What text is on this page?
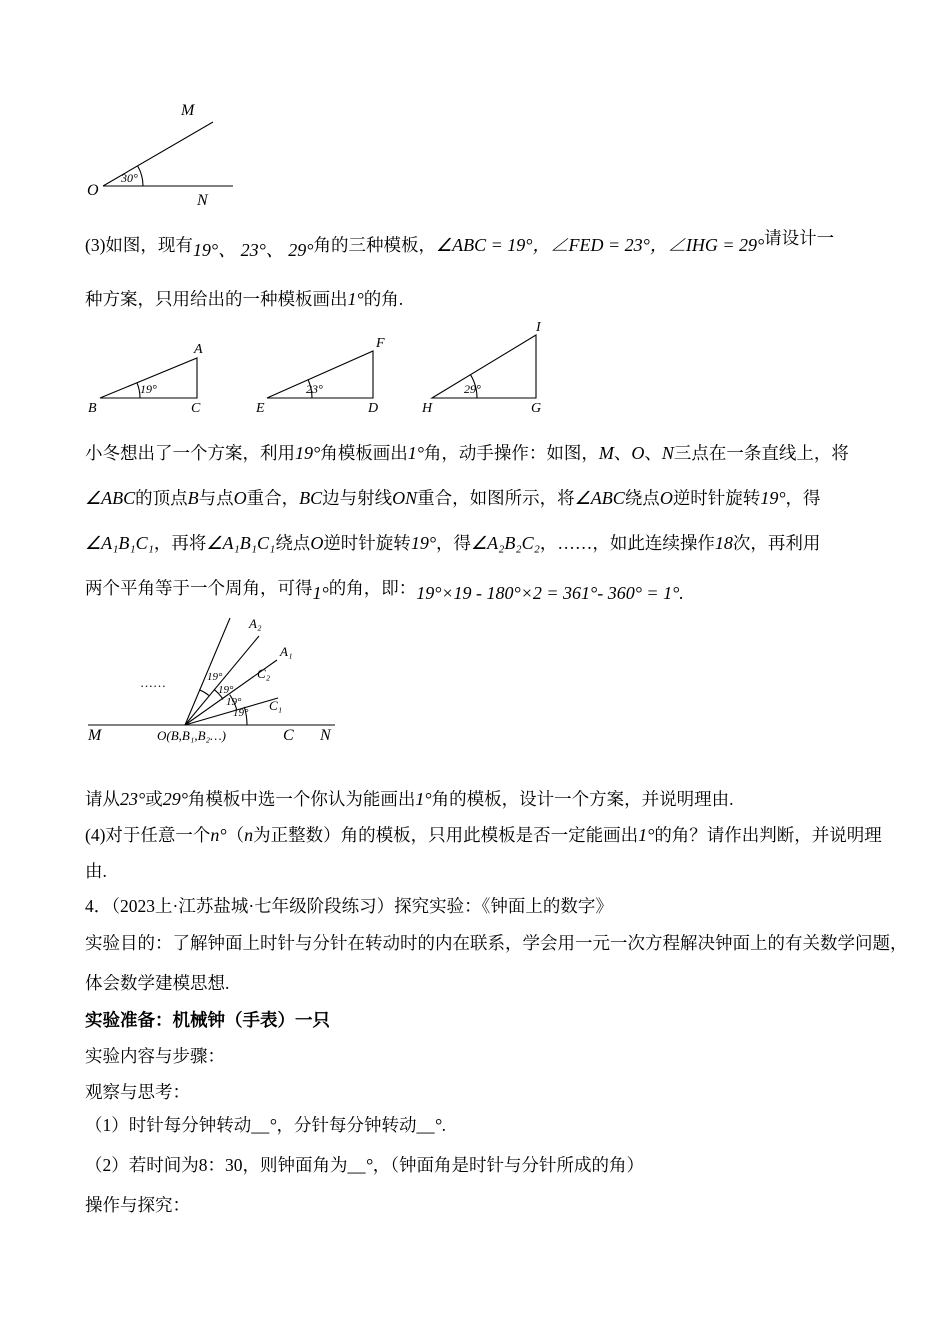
O
M
N
30°
(3)如图，现有19°、 23°、 29°角的三种模板，∠ABC = 19°，∠FED = 23°，∠IHG = 29°请设计一
种方案，只用给出的一种模板画出1°的角.
19°
A
B	C
23°
F
E	D
29°
I
H	G
小冬想出了一个方案，利用19°角模板画出1°角，动手操作：如图，M、O、N三点在一条直线上，将
∠ABC的顶点B与点O重合，BC边与射线ON重合，如图所示，将∠ABC绕点O逆时针旋转19°，得
∠A₁B₁C₁，再将∠A₁B₁C₁绕点O逆时针旋转19°，得∠A₂B₂C₂，……，如此连续操作18次，再利用
两个平角等于一个周角，可得1°的角，即：19°×19 - 180°×2 = 361°- 360° = 1°.
19°
19°
19°
19°
A₂
A₁
C₂
C₁
……
M	O(B,B₁,B₂…)	C N
请从23°或29°角模板中选一个你认为能画出1°角的模板，设计一个方案，并说明理由.
(4)对于任意一个n°（n为正整数）角的模板，只用此模板是否一定能画出1°的角？请作出判断，并说明理
由.
4．（2023上·江苏盐城·七年级阶段练习）探究实验：《钟面上的数字》
实验目的：了解钟面上时针与分针在转动时的内在联系，学会用一元一次方程解决钟面上的有关数学问题，
体会数学建模思想.
实验准备：机械钟（手表）一只
实验内容与步骤：
观察与思考：
（1）时针每分钟转动__°，分针每分钟转动__°.
（2）若时间为8：30，则钟面角为__°，（钟面角是时针与分针所成的角）
操作与探究：
